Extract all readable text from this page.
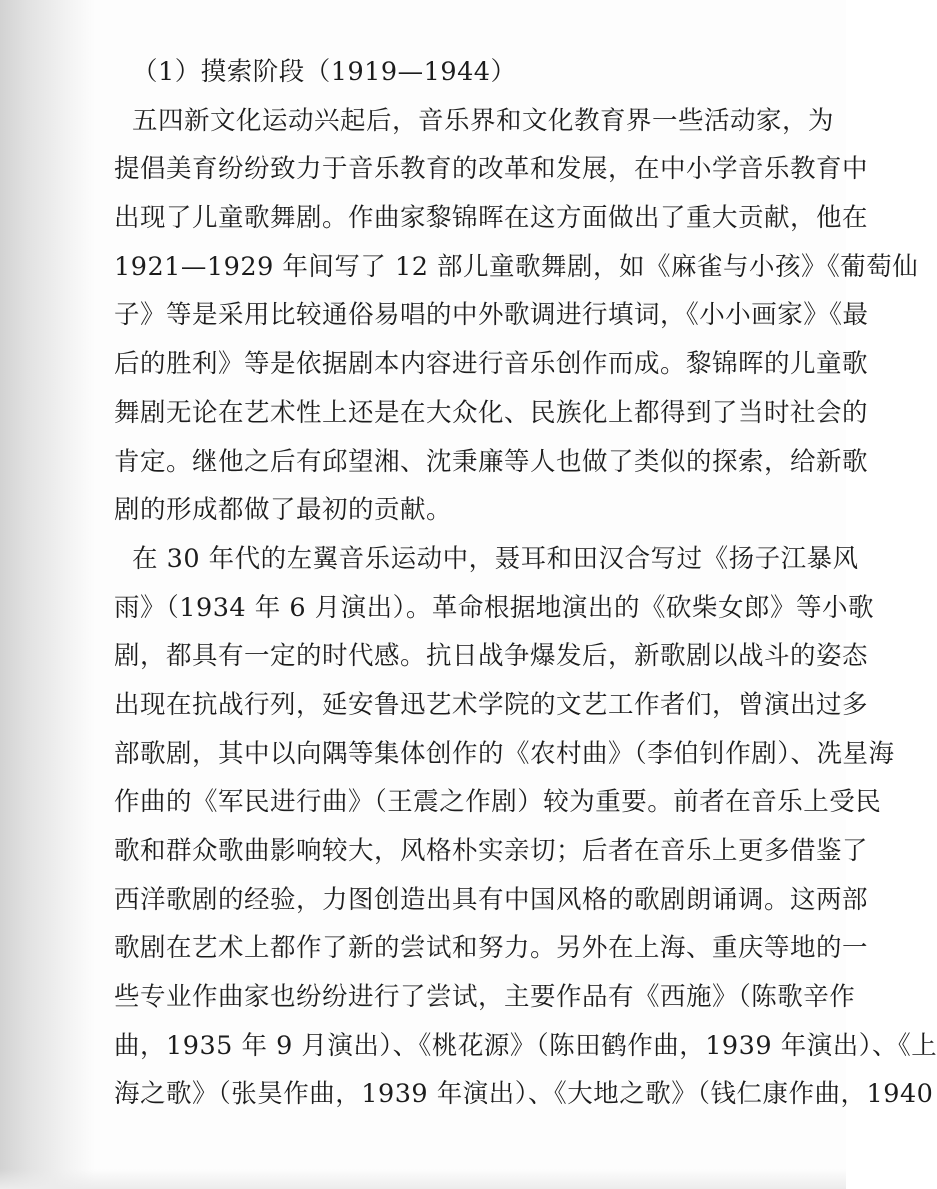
（1）摸索阶段（1919—1944）
五四新文化运动兴起后，音乐界和文化教育界一些活动家，为
提倡美育纷纷致力于音乐教育的改革和发展，在中小学音乐教育中
出现了儿童歌舞剧。作曲家黎锦晖在这方面做出了重大贡献，他在
1921—1929 年间写了 12 部儿童歌舞剧，如《麻雀与小孩》《葡萄仙
子》等是采用比较通俗易唱的中外歌调进行填词，《小小画家》《最
后的胜利》等是依据剧本内容进行音乐创作而成。黎锦晖的儿童歌
舞剧无论在艺术性上还是在大众化、民族化上都得到了当时社会的
肯定。继他之后有邱望湘、沈秉廉等人也做了类似的探索，给新歌
剧的形成都做了最初的贡献。
在 30 年代的左翼音乐运动中，聂耳和田汉合写过《扬子江暴风
雨》（1934 年 6 月演出）。革命根据地演出的《砍柴女郎》等小歌
剧，都具有一定的时代感。抗日战争爆发后，新歌剧以战斗的姿态
出现在抗战行列，延安鲁迅艺术学院的文艺工作者们，曾演出过多
部歌剧，其中以向隅等集体创作的《农村曲》（李伯钊作剧）、冼星海
作曲的《军民进行曲》（王震之作剧）较为重要。前者在音乐上受民
歌和群众歌曲影响较大，风格朴实亲切；后者在音乐上更多借鉴了
西洋歌剧的经验，力图创造出具有中国风格的歌剧朗诵调。这两部
歌剧在艺术上都作了新的尝试和努力。另外在上海、重庆等地的一
些专业作曲家也纷纷进行了尝试，主要作品有《西施》（陈歌辛作
曲，1935 年 9 月演出）、《桃花源》（陈田鹤作曲，1939 年演出）、《上
海之歌》（张昊作曲，1939 年演出）、《大地之歌》（钱仁康作曲，1940
